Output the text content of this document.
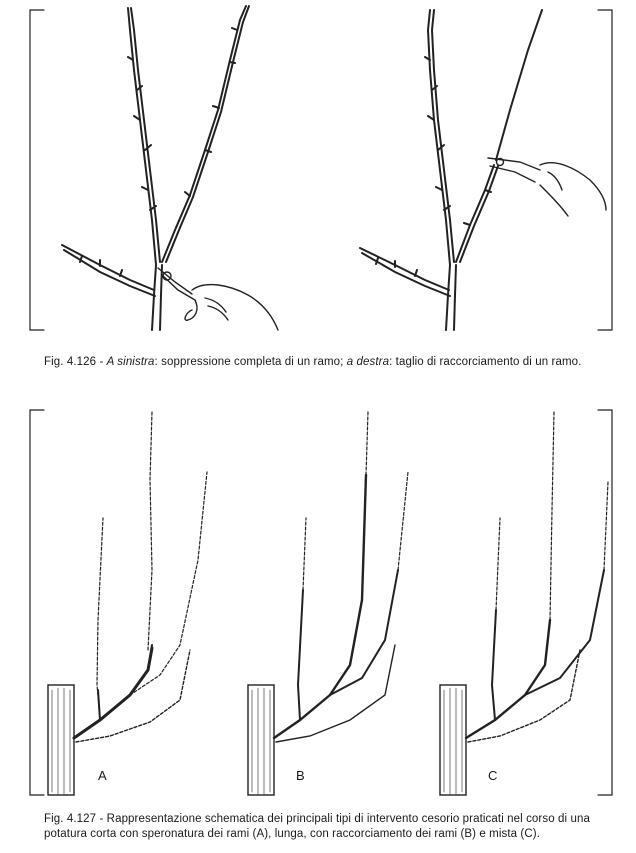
Fig. 4.126 - A sinistra: soppressione completa di un ramo; a destra: taglio di raccorciamento di un ramo.
A	B	C
Fig. 4.127 - Rappresentazione schematica dei principali tipi di intervento cesorio praticati nel corso di una potatura corta con speronatura dei rami (A), lunga, con raccorciamento dei rami (B) e mista (C).
